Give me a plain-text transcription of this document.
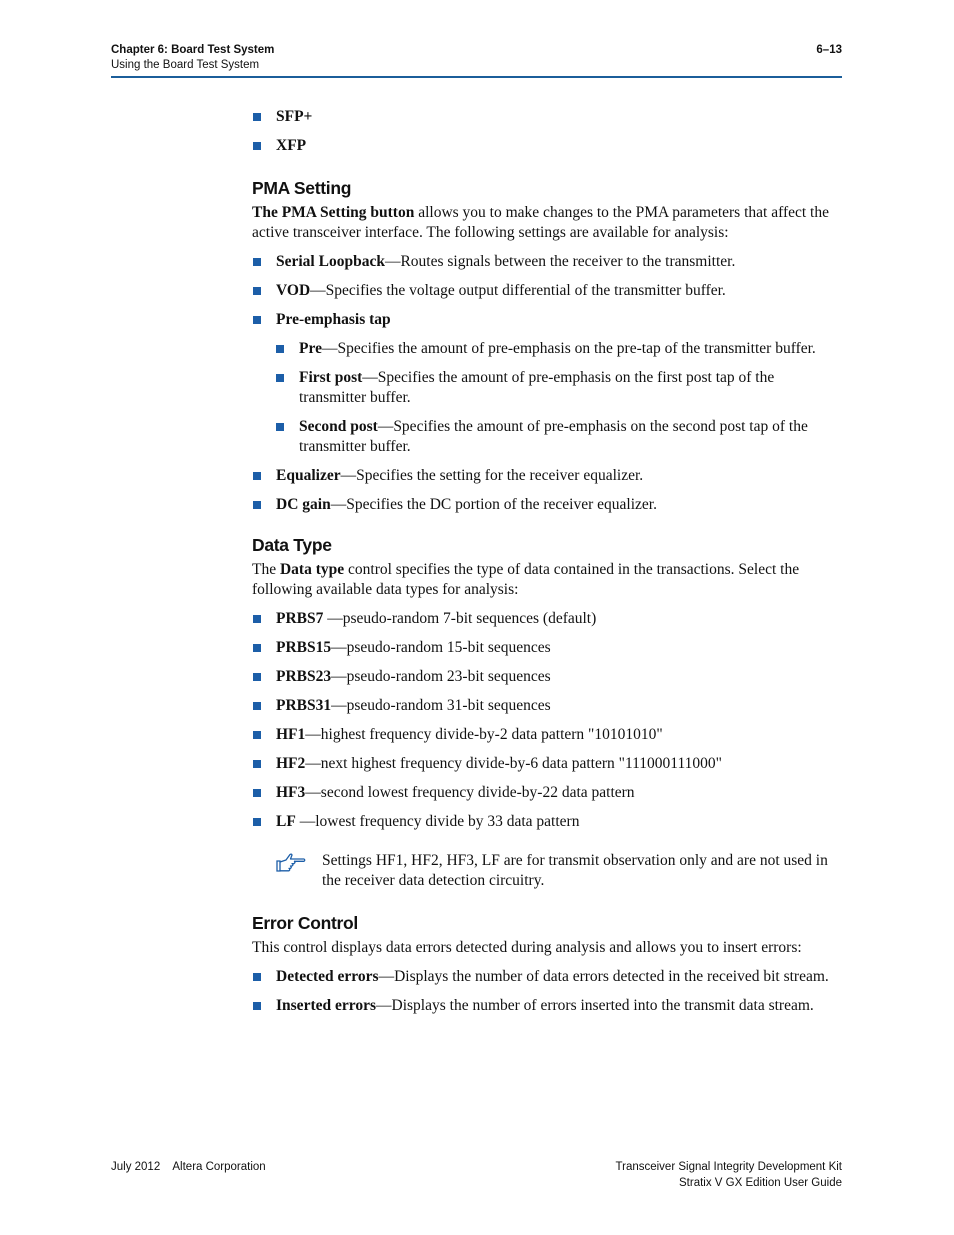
Chapter 6: Board Test System
Using the Board Test System
6–13
SFP+
XFP
PMA Setting

The PMA Setting button allows you to make changes to the PMA parameters that affect the active transceiver interface. The following settings are available for analysis:

Serial Loopback—Routes signals between the receiver to the transmitter.
VOD—Specifies the voltage output differential of the transmitter buffer.
Pre-emphasis tap
Pre—Specifies the amount of pre-emphasis on the pre-tap of the transmitter buffer.
First post—Specifies the amount of pre-emphasis on the first post tap of the transmitter buffer.
Second post—Specifies the amount of pre-emphasis on the second post tap of the transmitter buffer.
Equalizer—Specifies the setting for the receiver equalizer.
DC gain—Specifies the DC portion of the receiver equalizer.
Data Type

The Data type control specifies the type of data contained in the transactions. Select the following available data types for analysis:

PRBS7 —pseudo-random 7-bit sequences (default)
PRBS15—pseudo-random 15-bit sequences
PRBS23—pseudo-random 23-bit sequences
PRBS31—pseudo-random 31-bit sequences
HF1—highest frequency divide-by-2 data pattern "10101010"
HF2—next highest frequency divide-by-6 data pattern "111000111000"
HF3—second lowest frequency divide-by-22 data pattern
LF —lowest frequency divide by 33 data pattern

Settings HF1, HF2, HF3, LF are for transmit observation only and are not used in the receiver data detection circuitry.

Error Control

This control displays data errors detected during analysis and allows you to insert errors:

Detected errors—Displays the number of data errors detected in the received bit stream.
Inserted errors—Displays the number of errors inserted into the transmit data stream.
July 2012    Altera Corporation	Transceiver Signal Integrity Development Kit
Stratix V GX Edition User Guide
